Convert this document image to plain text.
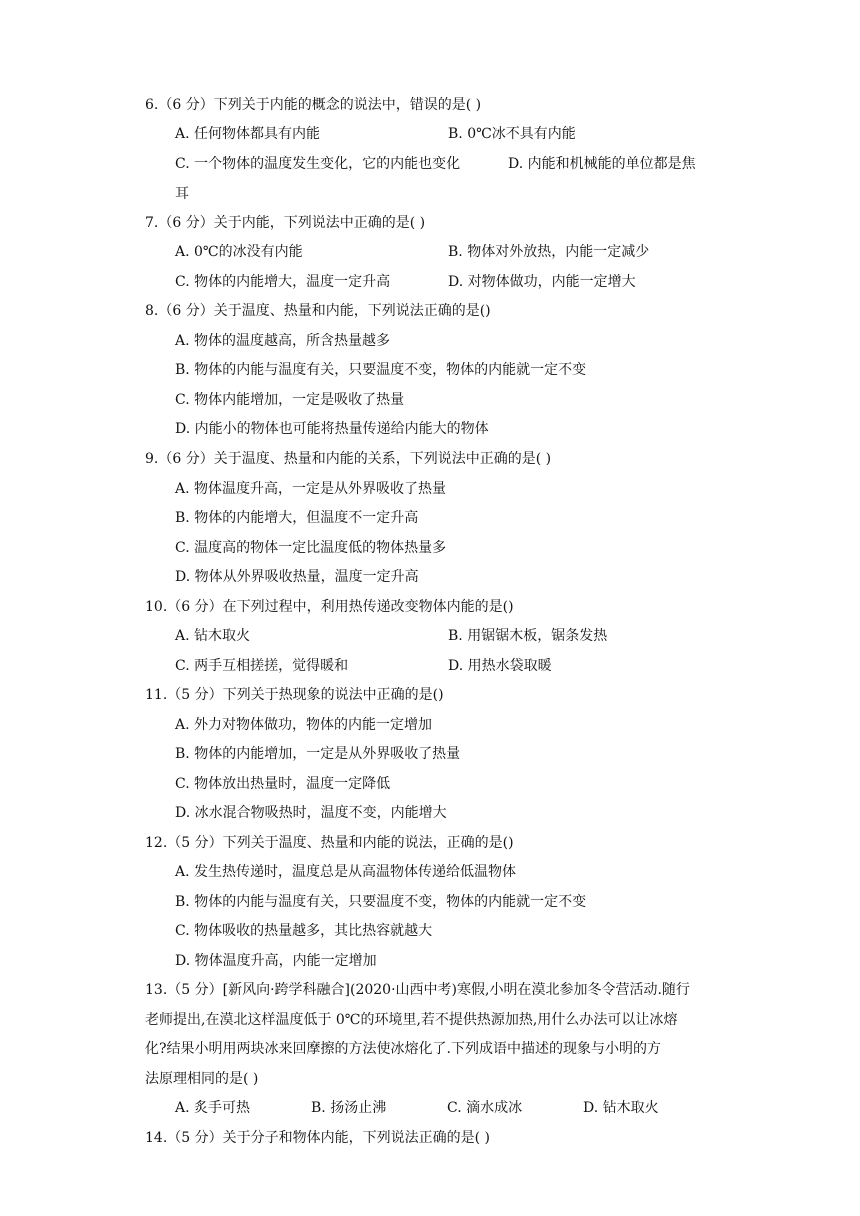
6.（6 分）下列关于内能的概念的说法中，错误的是( )
A. 任何物体都具有内能	B. 0℃冰不具有内能
C. 一个物体的温度发生变化，它的内能也变化	D. 内能和机械能的单位都是焦
耳
7.（6 分）关于内能，下列说法中正确的是( )
A. 0℃的冰没有内能	B. 物体对外放热，内能一定减少
C. 物体的内能增大，温度一定升高	D. 对物体做功，内能一定增大
8.（6 分）关于温度、热量和内能，下列说法正确的是()
A. 物体的温度越高，所含热量越多
B. 物体的内能与温度有关，只要温度不变，物体的内能就一定不变
C. 物体内能增加，一定是吸收了热量
D. 内能小的物体也可能将热量传递给内能大的物体
9.（6 分）关于温度、热量和内能的关系，下列说法中正确的是( )
A. 物体温度升高，一定是从外界吸收了热量
B. 物体的内能增大，但温度不一定升高
C. 温度高的物体一定比温度低的物体热量多
D. 物体从外界吸收热量，温度一定升高
10.（6 分）在下列过程中，利用热传递改变物体内能的是()
A. 钻木取火	B. 用锯锯木板，锯条发热
C. 两手互相搓搓，觉得暖和	D. 用热水袋取暖
11.（5 分）下列关于热现象的说法中正确的是()
A. 外力对物体做功，物体的内能一定增加
B. 物体的内能增加，一定是从外界吸收了热量
C. 物体放出热量时，温度一定降低
D. 冰水混合物吸热时，温度不变，内能增大
12.（5 分）下列关于温度、热量和内能的说法，正确的是()
A. 发生热传递时，温度总是从高温物体传递给低温物体
B. 物体的内能与温度有关，只要温度不变，物体的内能就一定不变
C. 物体吸收的热量越多，其比热容就越大
D. 物体温度升高，内能一定增加
13.（5 分）[新风向·跨学科融合](2020·山西中考)寒假,小明在漠北参加冬令营活动.随行
老师提出,在漠北这样温度低于 0℃的环境里,若不提供热源加热,用什么办法可以让冰熔
化?结果小明用两块冰来回摩擦的方法使冰熔化了.下列成语中描述的现象与小明的方
法原理相同的是( )
A. 炙手可热	B. 扬汤止沸	C. 滴水成冰	D. 钻木取火
14.（5 分）关于分子和物体内能，下列说法正确的是( )
